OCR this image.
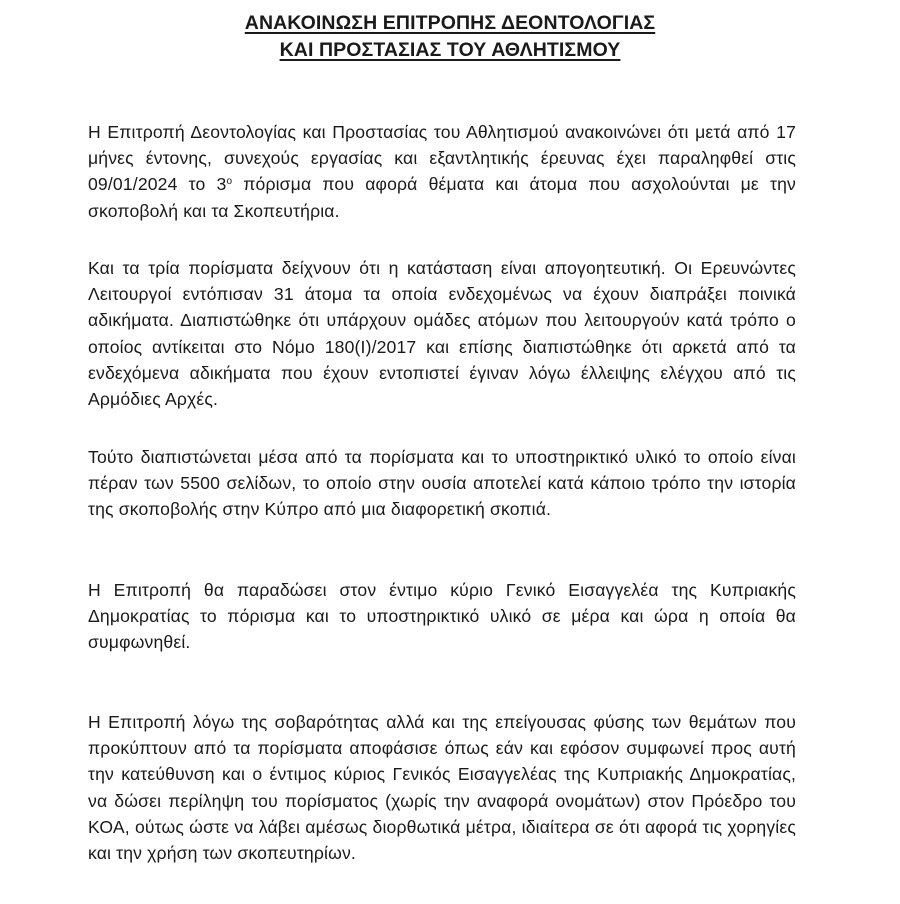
ΑΝΑΚΟΙΝΩΣΗ ΕΠΙΤΡΟΠΗΣ ΔΕΟΝΤΟΛΟΓΙΑΣ
ΚΑΙ ΠΡΟΣΤΑΣΙΑΣ ΤΟΥ ΑΘΛΗΤΙΣΜΟΥ

Η Επιτροπή Δεοντολογίας και Προστασίας του Αθλητισμού ανακοινώνει ότι μετά από 17 μήνες έντονης, συνεχούς εργασίας και εξαντλητικής έρευνας έχει παραληφθεί στις 09/01/2024 το $3^o$ πόρισμα που αφορά θέματα και άτομα που ασχολούνται με την σκοποβολή και τα Σκοπευτήρια.

Και τα τρία πορίσματα δείχνουν ότι η κατάσταση είναι απογοητευτική. Οι Ερευνώντες Λειτουργοί εντόπισαν 31 άτομα τα οποία ενδεχομένως να έχουν διαπράξει ποινικά αδικήματα. Διαπιστώθηκε ότι υπάρχουν ομάδες ατόμων που λειτουργούν κατά τρόπο ο οποίος αντίκειται στο Νόμο 180(Ι)/2017 και επίσης διαπιστώθηκε ότι αρκετά από τα ενδεχόμενα αδικήματα που έχουν εντοπιστεί έγιναν λόγω έλλειψης ελέγχου από τις Αρμόδιες Αρχές.

Τούτο διαπιστώνεται μέσα από τα πορίσματα και το υποστηρικτικό υλικό το οποίο είναι πέραν των 5500 σελίδων, το οποίο στην ουσία αποτελεί κατά κάποιο τρόπο την ιστορία της σκοποβολής στην Κύπρο από μια διαφορετική σκοπιά.

Η Επιτροπή θα παραδώσει στον έντιμο κύριο Γενικό Εισαγγελέα της Κυπριακής Δημοκρατίας το πόρισμα και το υποστηρικτικό υλικό σε μέρα και ώρα η οποία θα συμφωνηθεί.

Η Επιτροπή λόγω της σοβαρότητας αλλά και της επείγουσας φύσης των θεμάτων που προκύπτουν από τα πορίσματα αποφάσισε όπως εάν και εφόσον συμφωνεί προς αυτή την κατεύθυνση και ο έντιμος κύριος Γενικός Εισαγγελέας της Κυπριακής Δημοκρατίας, να δώσει περίληψη του πορίσματος (χωρίς την αναφορά ονομάτων) στον Πρόεδρο του ΚΟΑ, ούτως ώστε να λάβει αμέσως διορθωτικά μέτρα, ιδιαίτερα σε ότι αφορά τις χορηγίες και την χρήση των σκοπευτηρίων.
